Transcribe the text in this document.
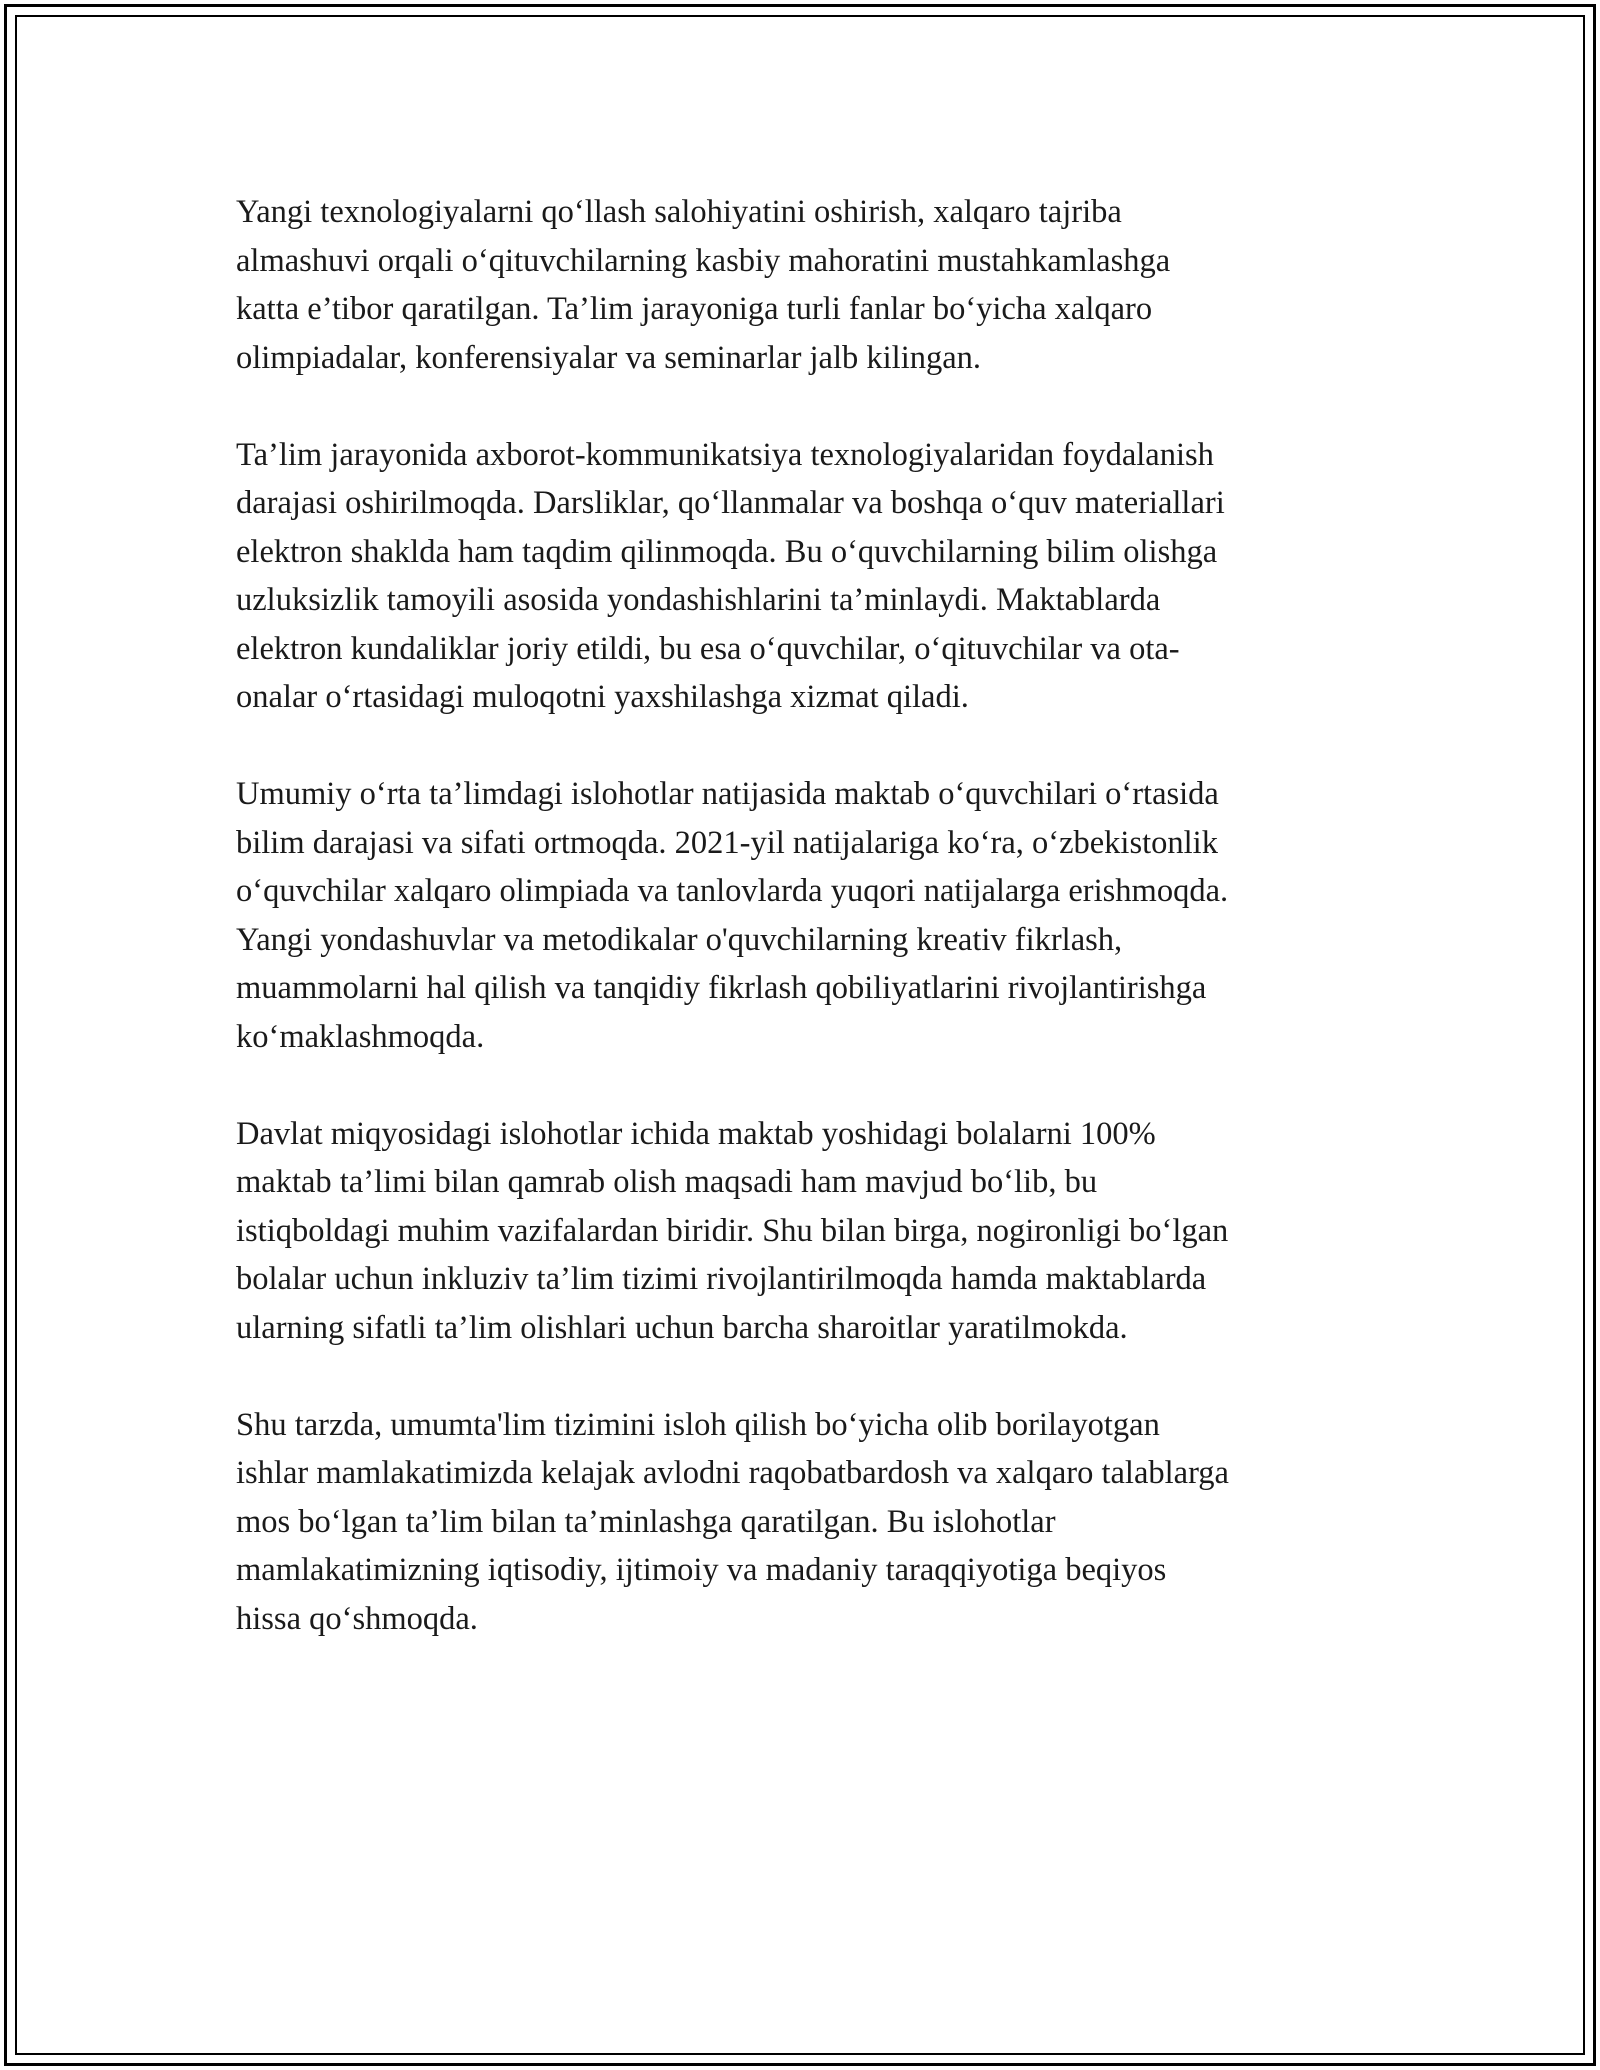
Yangi texnologiyalarni qo‘llash salohiyatini oshirish, xalqaro tajriba
almashuvi orqali o‘qituvchilarning kasbiy mahoratini mustahkamlashga
katta e’tibor qaratilgan. Ta’lim jarayoniga turli fanlar bo‘yicha xalqaro
olimpiadalar, konferensiyalar va seminarlar jalb kilingan.

Ta’lim jarayonida axborot-kommunikatsiya texnologiyalaridan foydalanish
darajasi oshirilmoqda. Darsliklar, qo‘llanmalar va boshqa o‘quv materiallari
elektron shaklda ham taqdim qilinmoqda. Bu o‘quvchilarning bilim olishga
uzluksizlik tamoyili asosida yondashishlarini ta’minlaydi. Maktablarda
elektron kundaliklar joriy etildi, bu esa o‘quvchilar, o‘qituvchilar va ota-
onalar o‘rtasidagi muloqotni yaxshilashga xizmat qiladi.

Umumiy o‘rta ta’limdagi islohotlar natijasida maktab o‘quvchilari o‘rtasida
bilim darajasi va sifati ortmoqda. 2021-yil natijalariga ko‘ra, o‘zbekistonlik
o‘quvchilar xalqaro olimpiada va tanlovlarda yuqori natijalarga erishmoqda.
Yangi yondashuvlar va metodikalar o'quvchilarning kreativ fikrlash,
muammolarni hal qilish va tanqidiy fikrlash qobiliyatlarini rivojlantirishga
ko‘maklashmoqda.

Davlat miqyosidagi islohotlar ichida maktab yoshidagi bolalarni 100%
maktab ta’limi bilan qamrab olish maqsadi ham mavjud bo‘lib, bu
istiqboldagi muhim vazifalardan biridir. Shu bilan birga, nogironligi bo‘lgan
bolalar uchun inkluziv ta’lim tizimi rivojlantirilmoqda hamda maktablarda
ularning sifatli ta’lim olishlari uchun barcha sharoitlar yaratilmokda.

Shu tarzda, umumta'lim tizimini isloh qilish bo‘yicha olib borilayotgan
ishlar mamlakatimizda kelajak avlodni raqobatbardosh va xalqaro talablarga
mos bo‘lgan ta’lim bilan ta’minlashga qaratilgan. Bu islohotlar
mamlakatimizning iqtisodiy, ijtimoiy va madaniy taraqqiyotiga beqiyos
hissa qo‘shmoqda.
